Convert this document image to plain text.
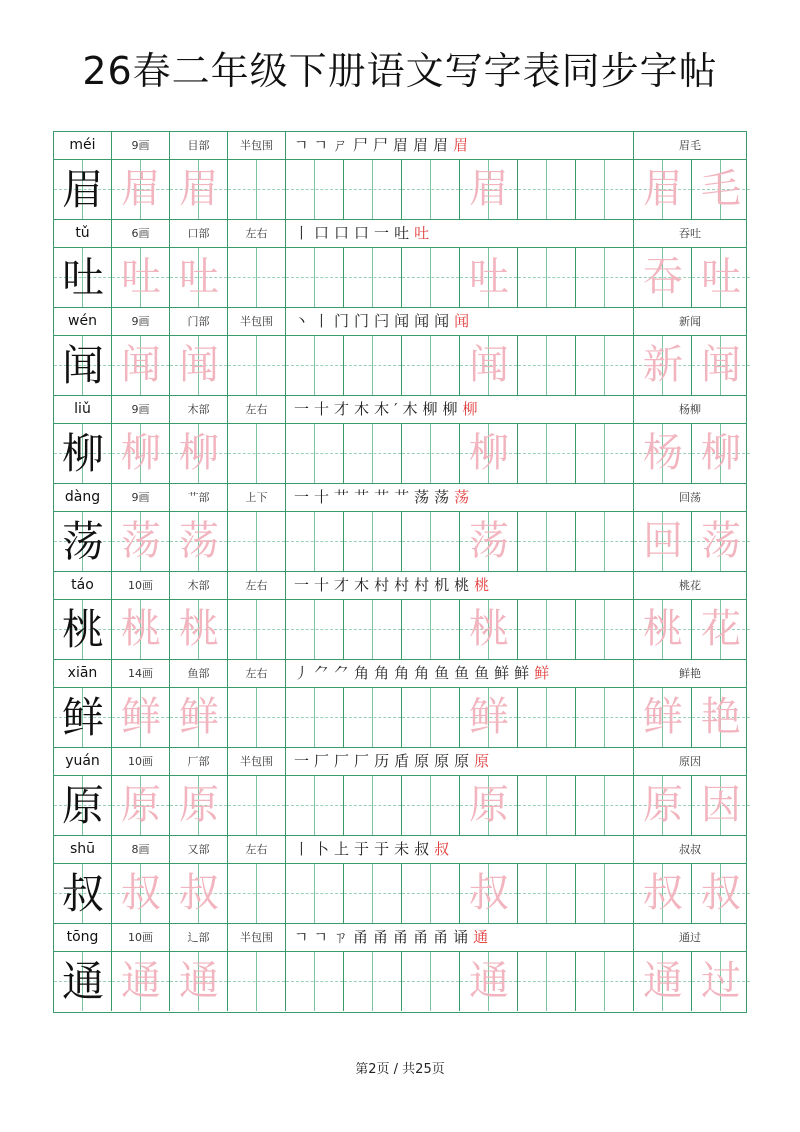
26春二年级下册语文写字表同步字帖
méi	9画	目部	半包围	ㄱㄱㄕ尸尸眉眉眉眉	眉毛
眉 眉 眉	眉	眉 毛
tǔ	6画	口部	左右	丨口口口一吐吐	吞吐
吐 吐 吐	吐	吞 吐
wén	9画	门部	半包围	丶丨门门闩闻闻闻闻	新闻
闻 闻 闻	闻	新 闻
liǔ	9画	木部	左右	一十才木木′木柳柳柳	杨柳
柳 柳 柳	柳	杨 柳
dàng	9画	艹部	上下	一十艹艹艹艹荡荡荡	回荡
荡 荡 荡	荡	回 荡
táo	10画	木部	左右	一十才木村村村机桃桃	桃花
桃 桃 桃	桃	桃 花
xiān	14画	鱼部	左右	丿⺈⺈角角角角鱼鱼鱼鲜鲜鲜	鲜艳
鲜 鲜 鲜	鲜	鲜 艳
yuán	10画	厂部	半包围	一厂厂厂历盾原原原原	原因
原 原 原	原	原 因
shū	8画	又部	左右	丨卜上于于未叔叔	叔叔
叔 叔 叔	叔	叔 叔
tōng	10画	辶部	半包围	ㄱㄱㄗ甬甬甬甬甬诵通	通过
通 通 通	通	通 过
第2页 / 共25页
